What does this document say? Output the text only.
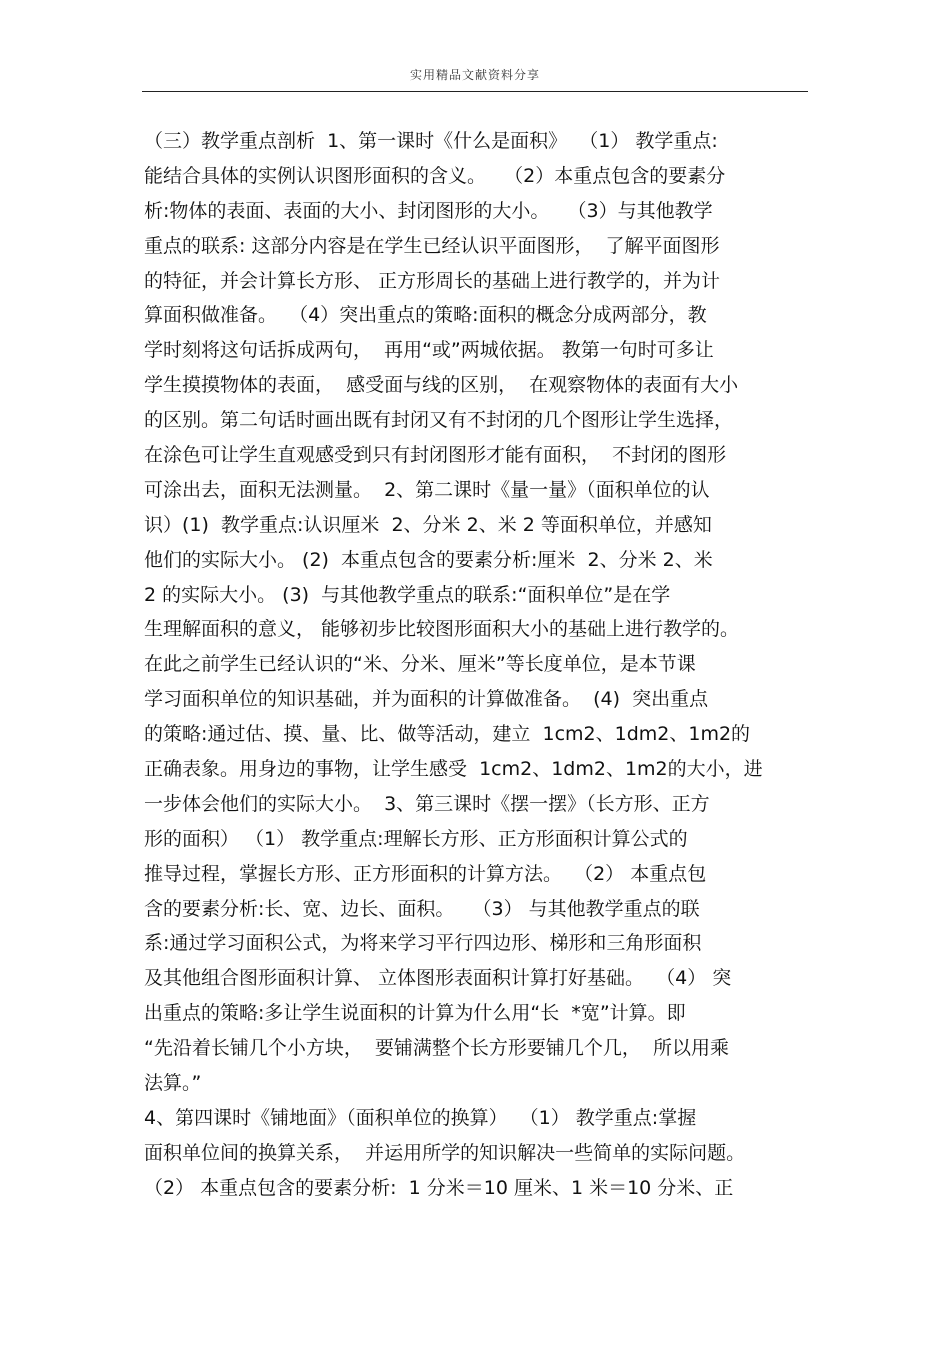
实用精品文献资料分享
（三）教学重点剖析  1、第一课时《什么是面积》  （1） 教学重点:
能结合具体的实例认识图形面积的含义。   （2）本重点包含的要素分
析:物体的表面、表面的大小、封闭图形的大小。   （3）与其他教学
重点的联系: 这部分内容是在学生已经认识平面图形，  了解平面图形
的特征，并会计算长方形、 正方形周长的基础上进行教学的，并为计
算面积做准备。  （4）突出重点的策略:面积的概念分成两部分，教
学时刻将这句话拆成两句，  再用“或”两城依据。 教第一句时可多让
学生摸摸物体的表面，  感受面与线的区别，  在观察物体的表面有大小
的区别。第二句话时画出既有封闭又有不封闭的几个图形让学生选择，
在涂色可让学生直观感受到只有封闭图形才能有面积，  不封闭的图形
可涂出去，面积无法测量。  2、第二课时《量一量》（面积单位的认
识）(1)  教学重点:认识厘米  2、分米 2、米 2 等面积单位，并感知
他们的实际大小。 (2)  本重点包含的要素分析:厘米  2、分米 2、米
2 的实际大小。 (3)  与其他教学重点的联系:“面积单位”是在学
生理解面积的意义， 能够初步比较图形面积大小的基础上进行教学的。
在此之前学生已经认识的“米、分米、厘米”等长度单位，是本节课
学习面积单位的知识基础，并为面积的计算做准备。  (4)  突出重点
的策略:通过估、摸、量、比、做等活动，建立  1cm2、1dm2、1m2的
正确表象。用身边的事物，让学生感受  1cm2、1dm2、1m2的大小，进
一步体会他们的实际大小。  3、第三课时《摆一摆》（长方形、正方
形的面积） （1） 教学重点:理解长方形、正方形面积计算公式的
推导过程，掌握长方形、正方形面积的计算方法。  （2） 本重点包
含的要素分析:长、宽、边长、面积。   （3） 与其他教学重点的联
系:通过学习面积公式，为将来学习平行四边形、梯形和三角形面积
及其他组合图形面积计算、 立体图形表面积计算打好基础。  （4） 突
出重点的策略:多让学生说面积的计算为什么用“长  *宽”计算。即
“先沿着长铺几个小方块，  要铺满整个长方形要铺几个几，  所以用乘
法算。”
4、第四课时《铺地面》（面积单位的换算）  （1） 教学重点:掌握
面积单位间的换算关系，  并运用所学的知识解决一些简单的实际问题。
（2） 本重点包含的要素分析:  1 分米＝10 厘米、1 米＝10 分米、正
